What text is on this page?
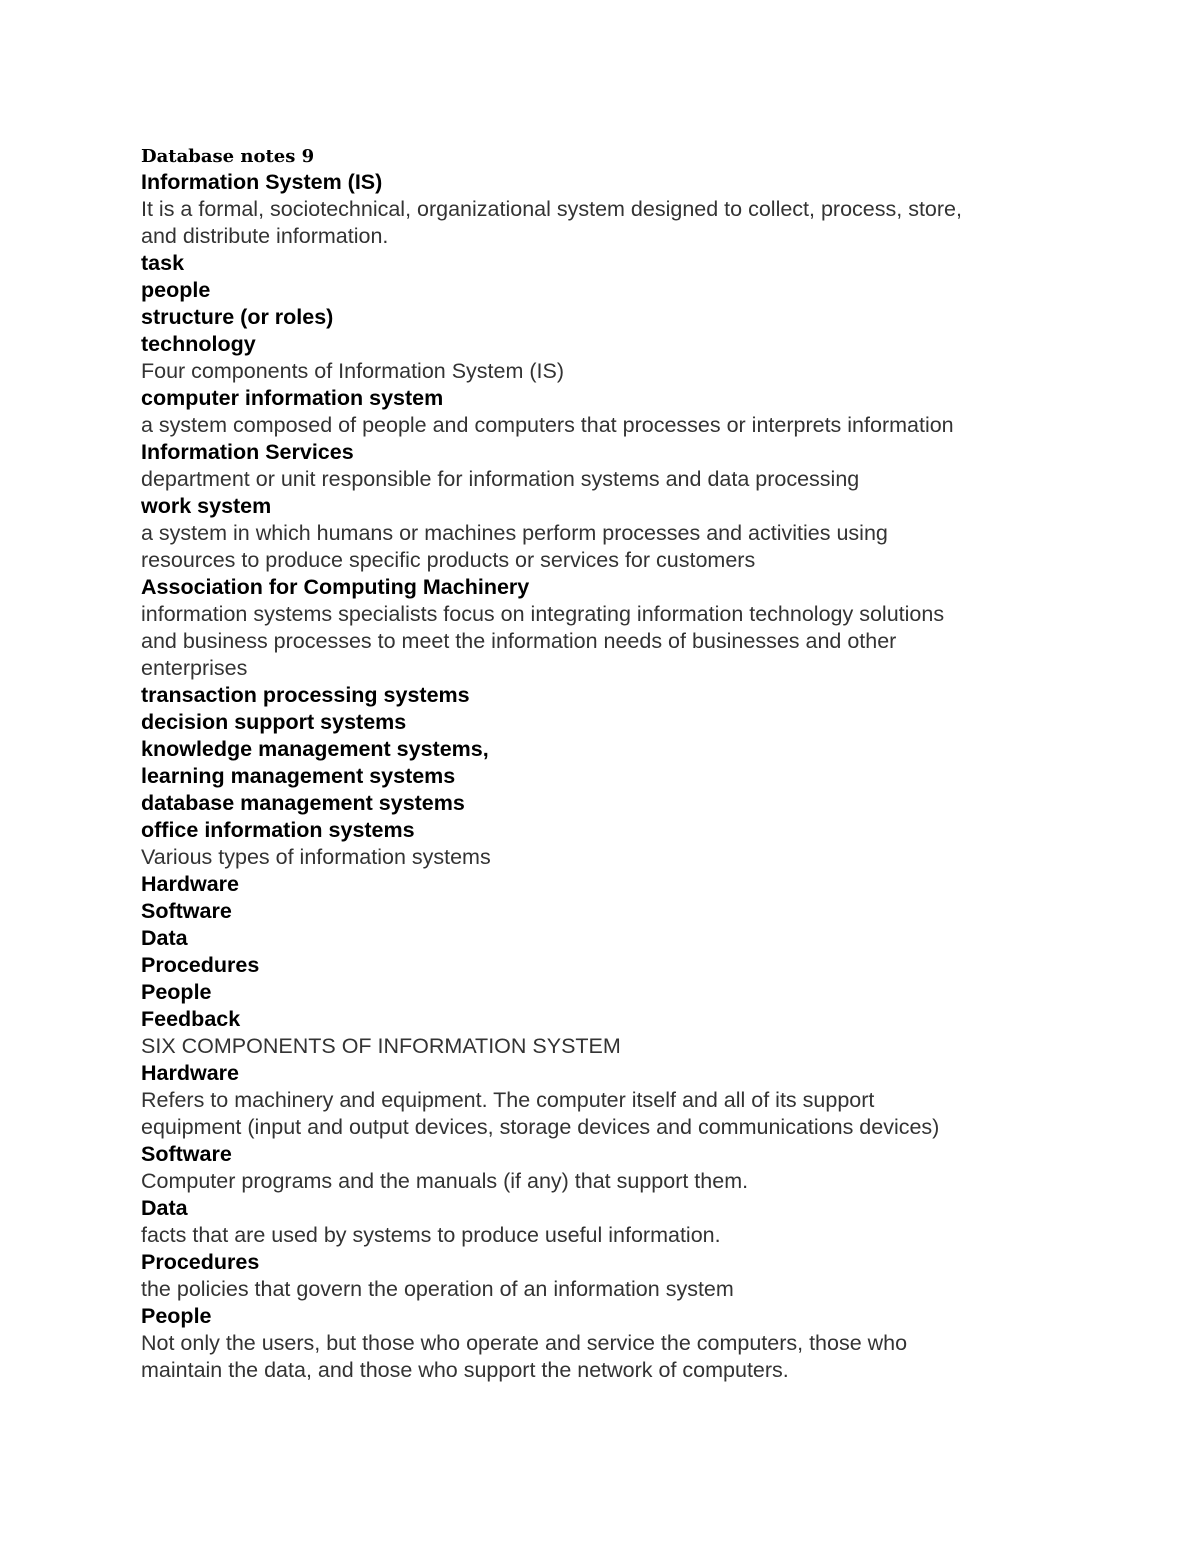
Database notes 9
Information System (IS)
It is a formal, sociotechnical, organizational system designed to collect, process, store,
and distribute information.
task
people
structure (or roles)
technology
Four components of Information System (IS)
computer information system
a system composed of people and computers that processes or interprets information
Information Services
department or unit responsible for information systems and data processing
work system
a system in which humans or machines perform processes and activities using
resources to produce specific products or services for customers
Association for Computing Machinery
information systems specialists focus on integrating information technology solutions
and business processes to meet the information needs of businesses and other
enterprises
transaction processing systems
decision support systems
knowledge management systems,
learning management systems
database management systems
office information systems
Various types of information systems
Hardware
Software
Data
Procedures
People
Feedback
SIX COMPONENTS OF INFORMATION SYSTEM
Hardware
Refers to machinery and equipment. The computer itself and all of its support
equipment (input and output devices, storage devices and communications devices)
Software
Computer programs and the manuals (if any) that support them.
Data
facts that are used by systems to produce useful information.
Procedures
the policies that govern the operation of an information system
People
Not only the users, but those who operate and service the computers, those who
maintain the data, and those who support the network of computers.
